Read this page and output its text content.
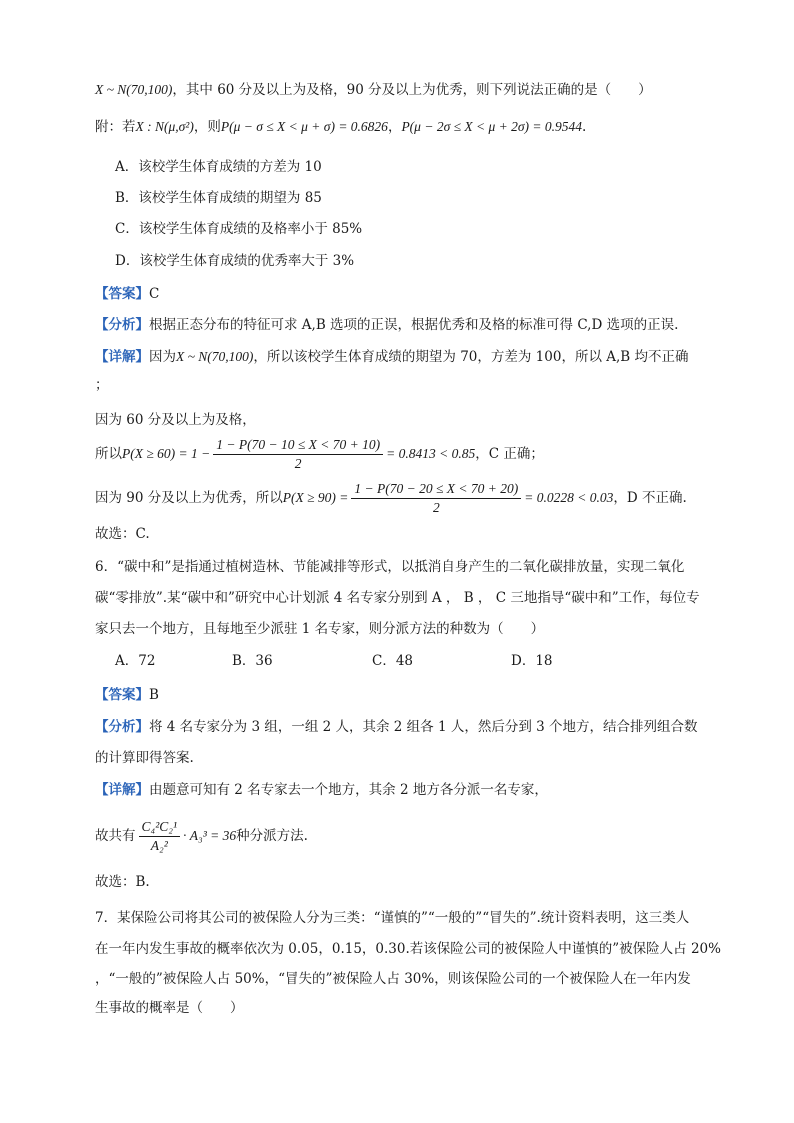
X ~ N(70,100)，其中 60 分及以上为及格，90 分及以上为优秀，则下列说法正确的是（　　）
附：若X : N(μ,σ²)，则P(μ − σ ≤ X < μ + σ) = 0.6826，P(μ − 2σ ≤ X < μ + 2σ) = 0.9544.
A．该校学生体育成绩的方差为 10
B．该校学生体育成绩的期望为 85
C．该校学生体育成绩的及格率小于 85%
D．该校学生体育成绩的优秀率大于 3%
【答案】C
【分析】根据正态分布的特征可求 A,B 选项的正误，根据优秀和及格的标准可得 C,D 选项的正误.
【详解】因为X ~ N(70,100)，所以该校学生体育成绩的期望为 70，方差为 100，所以 A,B 均不正确
；
因为 60 分及以上为及格，
所以$P(X \ge 60) = 1 - \frac{1 - P(70 - 10 \le X < 70 + 10)}{2} = 0.8413 < 0.85$，C 正确；
因为 90 分及以上为优秀，所以$P(X \ge 90) = \frac{1 - P(70 - 20 \le X < 70 + 20)}{2} = 0.0228 < 0.03$，D 不正确.
故选：C.
6．“碳中和”是指通过植树造林、节能减排等形式，以抵消自身产生的二氧化碳排放量，实现二氧化
碳“零排放”.某“碳中和”研究中心计划派 4 名专家分别到 A ， B ， C 三地指导“碳中和”工作，每位专
家只去一个地方，且每地至少派驻 1 名专家，则分派方法的种数为（　　）
A．72	B．36	C．48	D．18
【答案】B
【分析】将 4 名专家分为 3 组，一组 2 人，其余 2 组各 1 人，然后分到 3 个地方，结合排列组合数
的计算即得答案.
【详解】由题意可知有 2 名专家去一个地方，其余 2 地方各分派一名专家，
故共有 $\frac{\text{C₄²C₂¹}}{\text{A₂²}} \cdot A_3^3 = 36$种分派方法.
故选：B.
7．某保险公司将其公司的被保险人分为三类：“谨慎的”“一般的”“冒失的”.统计资料表明，这三类人
在一年内发生事故的概率依次为 0.05，0.15，0.30.若该保险公司的被保险人中谨慎的”被保险人占 20%
，“一般的”被保险人占 50%，“冒失的”被保险人占 30%，则该保险公司的一个被保险人在一年内发
生事故的概率是（　　）
